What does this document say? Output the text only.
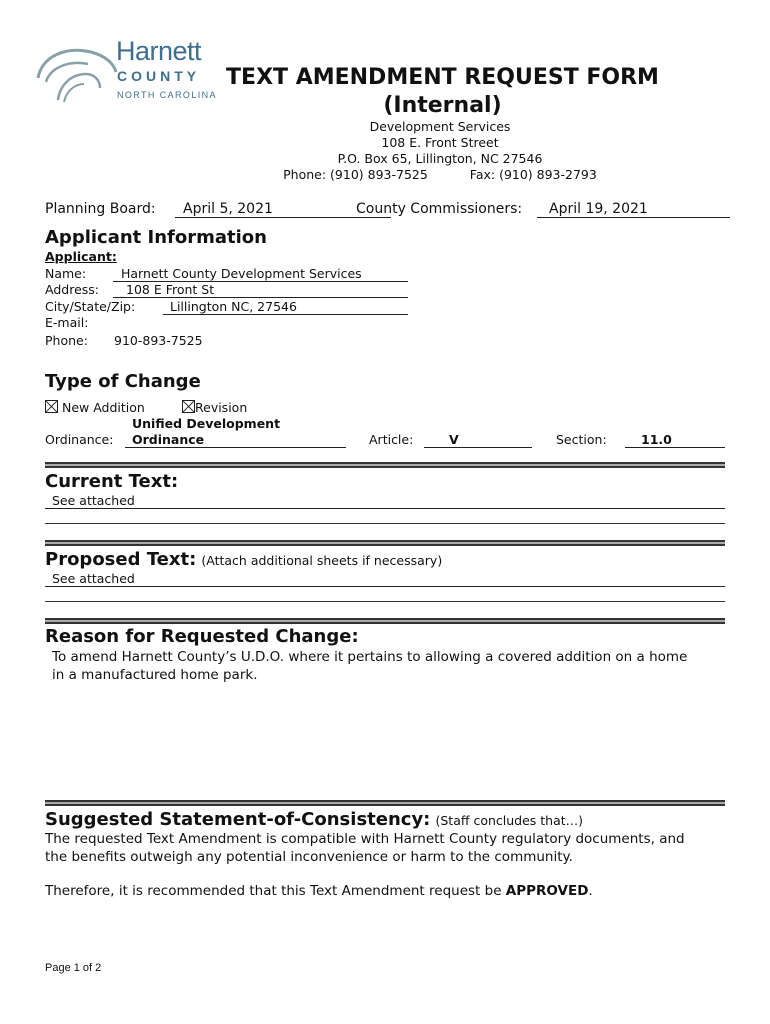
Harnett
COUNTY
NORTH CAROLINA
TEXT AMENDMENT REQUEST FORM
(Internal)
Development Services
108 E. Front Street
P.O. Box 65, Lillington, NC 27546
Phone: (910) 893-7525	Fax: (910) 893-2793
Planning Board:	April 5, 2021	County Commissioners:	April 19, 2021
Applicant Information
Applicant:
Name:	Harnett County Development Services
Address:	108 E Front St
City/State/Zip:	Lillington NC, 27546
E-mail:
Phone: 910-893-7525
Type of Change
New Addition	Revision
Ordinance:
Unified Development
Ordinance	Article:	V	Section:	11.0
Current Text:
See attached
Proposed Text: (Attach additional sheets if necessary)
See attached
Reason for Requested Change:
To amend Harnett County’s U.D.O. where it pertains to allowing a covered addition on a home
in a manufactured home park.
Suggested Statement-of-Consistency: (Staff concludes that…)
The requested Text Amendment is compatible with Harnett County regulatory documents, and
the benefits outweigh any potential inconvenience or harm to the community.
Therefore, it is recommended that this Text Amendment request be APPROVED.
Page 1 of 2
